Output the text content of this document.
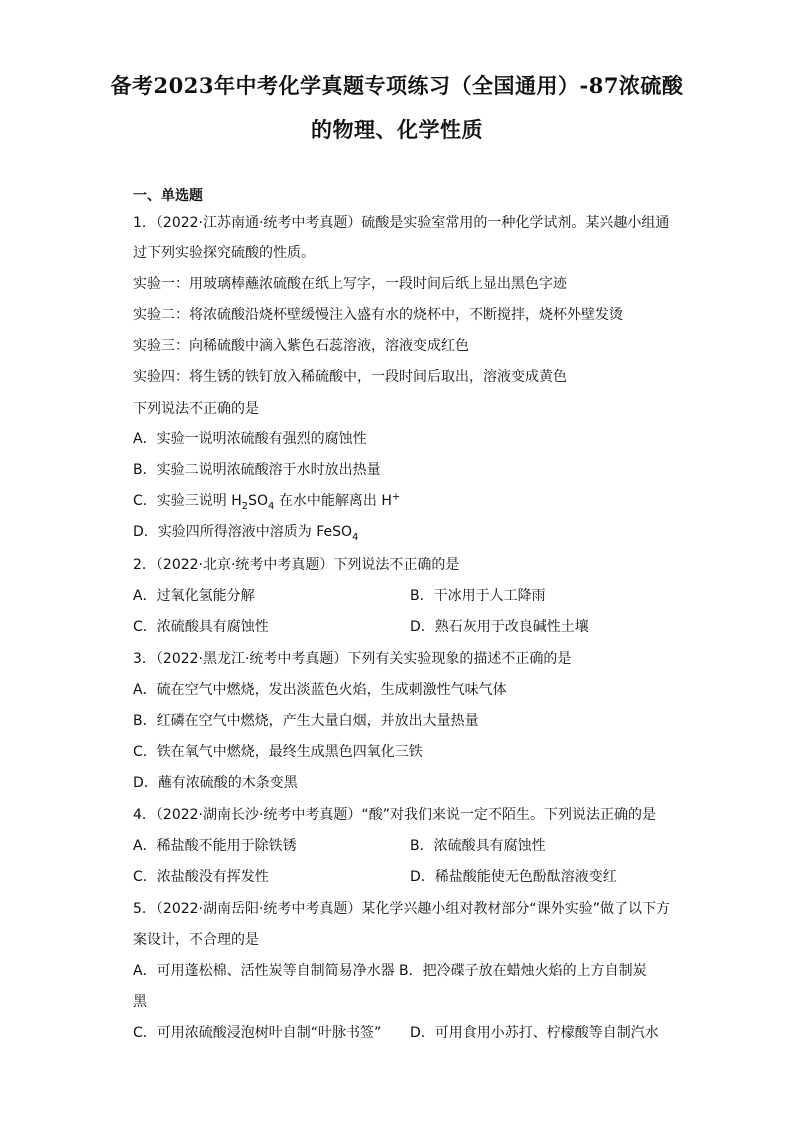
备考2023年中考化学真题专项练习（全国通用）-87浓硫酸
的物理、化学性质
一、单选题
1．（2022·江苏南通·统考中考真题）硫酸是实验室常用的一种化学试剂。某兴趣小组通
过下列实验探究硫酸的性质。
实验一：用玻璃棒蘸浓硫酸在纸上写字，一段时间后纸上显出黑色字迹
实验二：将浓硫酸沿烧杯壁缓慢注入盛有水的烧杯中，不断搅拌，烧杯外壁发烫
实验三：向稀硫酸中滴入紫色石蕊溶液，溶液变成红色
实验四：将生锈的铁钉放入稀硫酸中，一段时间后取出，溶液变成黄色
下列说法不正确的是
A．实验一说明浓硫酸有强烈的腐蚀性
B．实验二说明浓硫酸溶于水时放出热量
C．实验三说明 $H_2SO_4$ 在水中能解离出 H+
D．实验四所得溶液中溶质为 FeSO$_4$
2．（2022·北京·统考中考真题）下列说法不正确的是
A．过氧化氢能分解	B．干冰用于人工降雨
C．浓硫酸具有腐蚀性	D．熟石灰用于改良碱性土壤
3．（2022·黑龙江·统考中考真题）下列有关实验现象的描述不正确的是
A．硫在空气中燃烧，发出淡蓝色火焰，生成刺激性气味气体
B．红磷在空气中燃烧，产生大量白烟，并放出大量热量
C．铁在氧气中燃烧，最终生成黑色四氧化三铁
D．蘸有浓硫酸的木条变黑
4．（2022·湖南长沙·统考中考真题）“酸”对我们来说一定不陌生。下列说法正确的是
A．稀盐酸不能用于除铁锈	B．浓硫酸具有腐蚀性
C．浓盐酸没有挥发性	D．稀盐酸能使无色酚酞溶液变红
5．（2022·湖南岳阳·统考中考真题）某化学兴趣小组对教材部分“课外实验”做了以下方
案设计，不合理的是
A．可用蓬松棉、活性炭等自制简易净水器 B．把冷碟子放在蜡烛火焰的上方自制炭
黑
C．可用浓硫酸浸泡树叶自制“叶脉书签” D．可用食用小苏打、柠檬酸等自制汽水
